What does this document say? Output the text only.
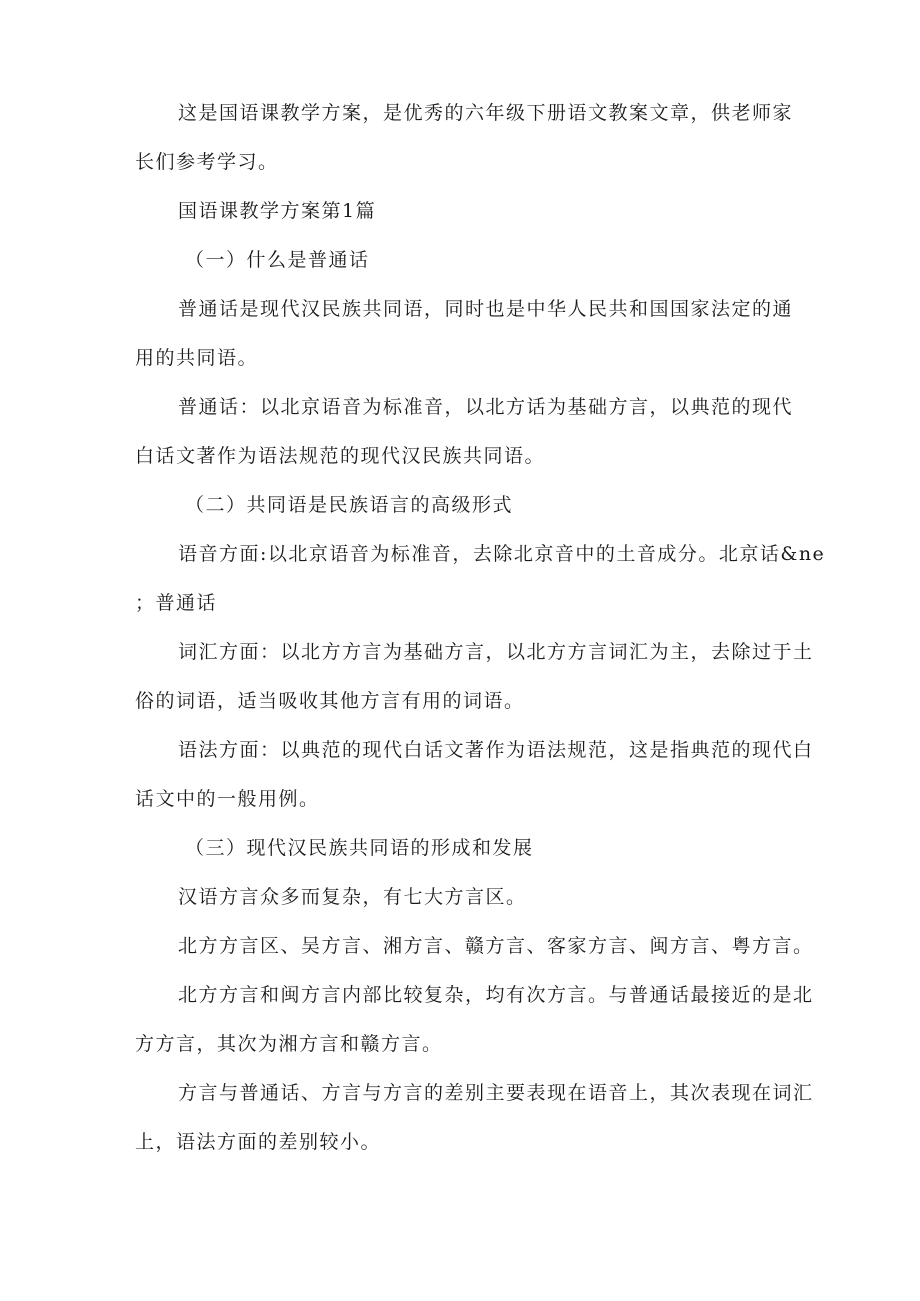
这是国语课教学方案，是优秀的六年级下册语文教案文章，供老师家
长们参考学习。
国语课教学方案第1篇
（一）什么是普通话
普通话是现代汉民族共同语，同时也是中华人民共和国国家法定的通
用的共同语。
普通话：以北京语音为标准音，以北方话为基础方言，以典范的现代
白话文著作为语法规范的现代汉民族共同语。
（二）共同语是民族语言的高级形式
语音方面:以北京语音为标准音，去除北京音中的土音成分。北京话&ne
；普通话
词汇方面：以北方方言为基础方言，以北方方言词汇为主，去除过于土
俗的词语，适当吸收其他方言有用的词语。
语法方面：以典范的现代白话文著作为语法规范，这是指典范的现代白
话文中的一般用例。
（三）现代汉民族共同语的形成和发展
汉语方言众多而复杂，有七大方言区。
北方方言区、吴方言、湘方言、赣方言、客家方言、闽方言、粤方言。
北方方言和闽方言内部比较复杂，均有次方言。与普通话最接近的是北
方方言，其次为湘方言和赣方言。
方言与普通话、方言与方言的差别主要表现在语音上，其次表现在词汇
上，语法方面的差别较小。
